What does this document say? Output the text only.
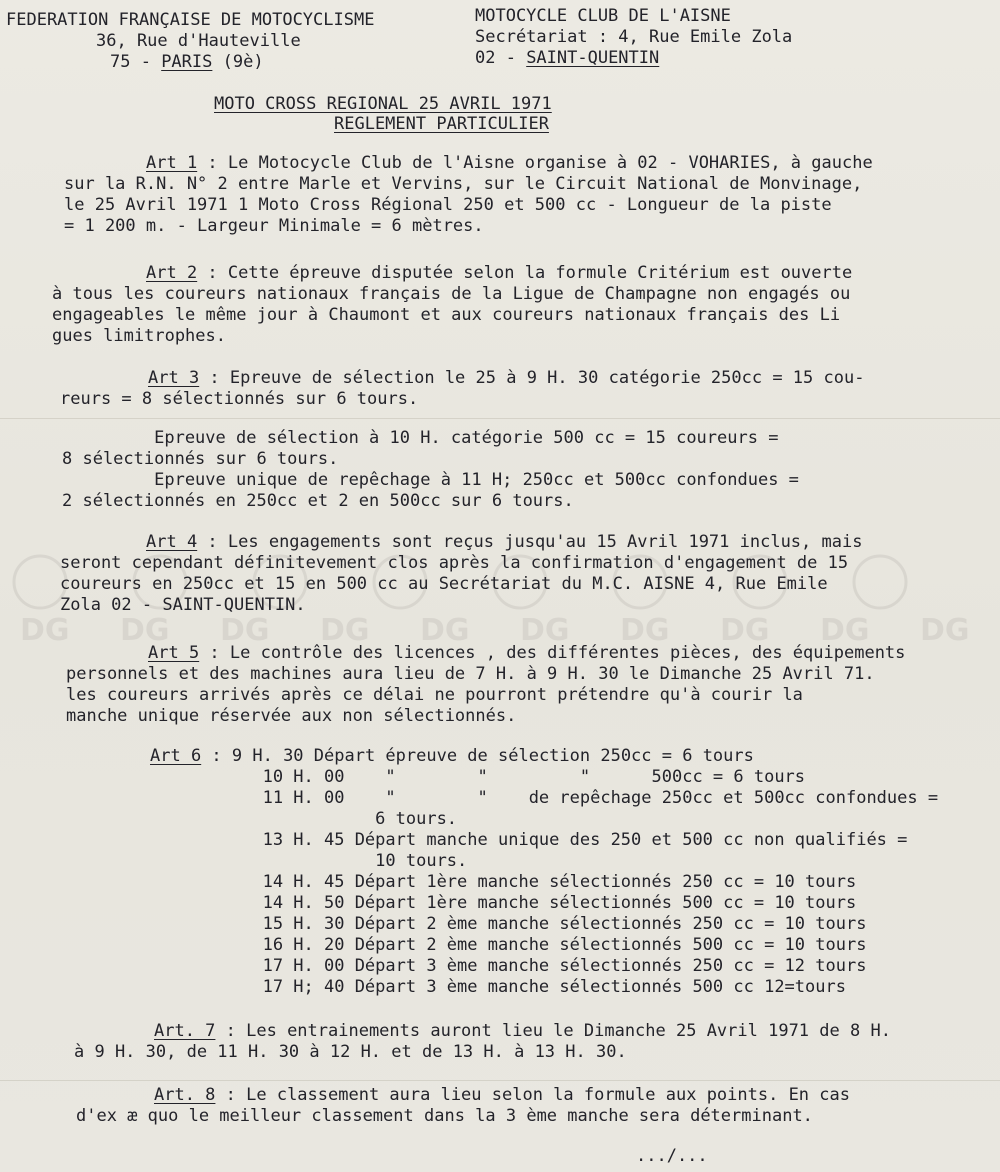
DG DG DG DG DG DG DG DG DG DG
FEDERATION FRANÇAISE DE MOTOCYCLISME
36, Rue d'Hauteville
75 - PARIS (9è)
MOTOCYCLE CLUB DE L'AISNE
Secrétariat : 4, Rue Emile Zola
02 - SAINT-QUENTIN
MOTO CROSS REGIONAL 25 AVRIL 1971
REGLEMENT PARTICULIER
Art 1 : Le Motocycle Club de l'Aisne organise à 02 - VOHARIES, à gauche
sur la R.N. N° 2 entre Marle et Vervins, sur le Circuit National de Monvinage,
le 25 Avril 1971 1 Moto Cross Régional 250 et 500 cc - Longueur de la piste
= 1 200 m. - Largeur Minimale = 6 mètres.
Art 2 : Cette épreuve disputée selon la formule Critérium est ouverte
à tous les coureurs nationaux français de la Ligue de Champagne non engagés ou
engageables le même jour à Chaumont et aux coureurs nationaux français des Li
gues limitrophes.
Art 3 : Epreuve de sélection le 25 à 9 H. 30 catégorie 250cc = 15 cou-
reurs = 8 sélectionnés sur 6 tours.
Epreuve de sélection à 10 H. catégorie 500 cc = 15 coureurs =
8 sélectionnés sur 6 tours.
Epreuve unique de repêchage à 11 H; 250cc et 500cc confondues =
2 sélectionnés en 250cc et 2 en 500cc sur 6 tours.
Art 4 : Les engagements sont reçus jusqu'au 15 Avril 1971 inclus, mais
seront cependant définitevement clos après la confirmation d'engagement de 15
coureurs en 250cc et 15 en 500 cc au Secrétariat du M.C. AISNE 4, Rue Emile
Zola 02 - SAINT-QUENTIN.
Art 5 : Le contrôle des licences , des différentes pièces, des équipements
personnels et des machines aura lieu de 7 H. à 9 H. 30 le Dimanche 25 Avril 71.
les coureurs arrivés après ce délai ne pourront prétendre qu'à courir la
manche unique réservée aux non sélectionnés.
Art 6 : 9 H. 30 Départ épreuve de sélection 250cc = 6 tours
10 H. 00    "        "         "      500cc = 6 tours
11 H. 00    "        "    de repêchage 250cc et 500cc confondues =
6 tours.
13 H. 45 Départ manche unique des 250 et 500 cc non qualifiés =
10 tours.
14 H. 45 Départ 1ère manche sélectionnés 250 cc = 10 tours
14 H. 50 Départ 1ère manche sélectionnés 500 cc = 10 tours
15 H. 30 Départ 2 ème manche sélectionnés 250 cc = 10 tours
16 H. 20 Départ 2 ème manche sélectionnés 500 cc = 10 tours
17 H. 00 Départ 3 ème manche sélectionnés 250 cc = 12 tours
17 H; 40 Départ 3 ème manche sélectionnés 500 cc 12=tours
Art. 7 : Les entrainements auront lieu le Dimanche 25 Avril 1971 de 8 H.
à 9 H. 30, de 11 H. 30 à 12 H. et de 13 H. à 13 H. 30.
Art. 8 : Le classement aura lieu selon la formule aux points. En cas
d'ex æ quo le meilleur classement dans la 3 ème manche sera déterminant.
.../...
